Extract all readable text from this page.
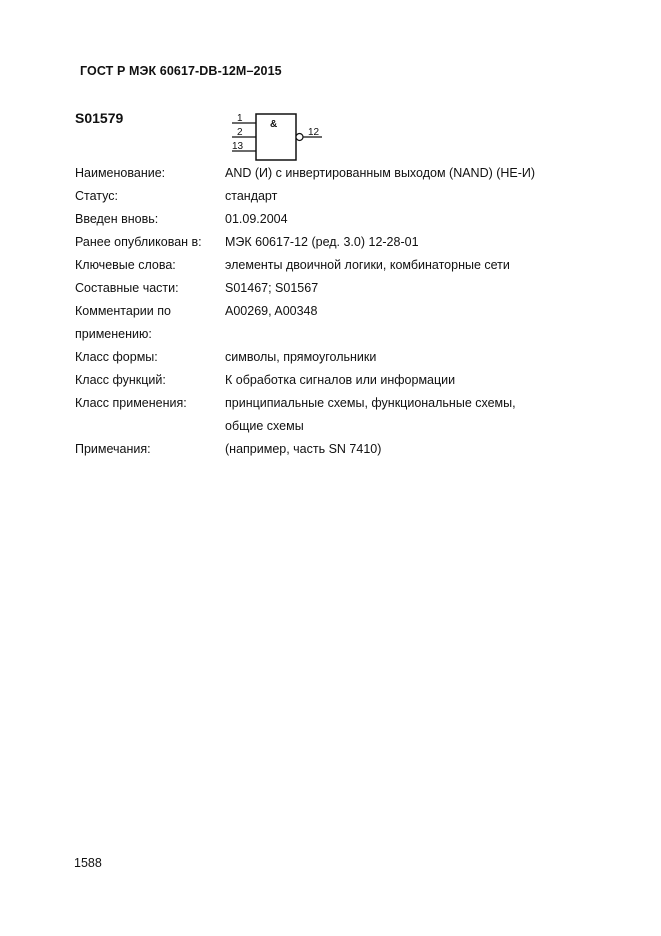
ГОСТ Р МЭК 60617-DB-12M–2015
S01579	&
1
2
13
12
Наименование:	AND (И) с инвертированным выходом (NAND) (НЕ-И)
Статус:	стандарт
Введен вновь:	01.09.2004
Ранее опубликован в:	МЭК 60617-12 (ред. 3.0) 12-28-01
Ключевые слова:	элементы двоичной логики, комбинаторные сети
Составные части:	S01467; S01567
Комментарии по
применению:
A00269, A00348
Класс формы:	символы, прямоугольники
Класс функций:	К обработка сигналов или информации
Класс применения:	принципиальные схемы, функциональные схемы,
общие схемы
Примечания:	(например, часть SN 7410)
1588
